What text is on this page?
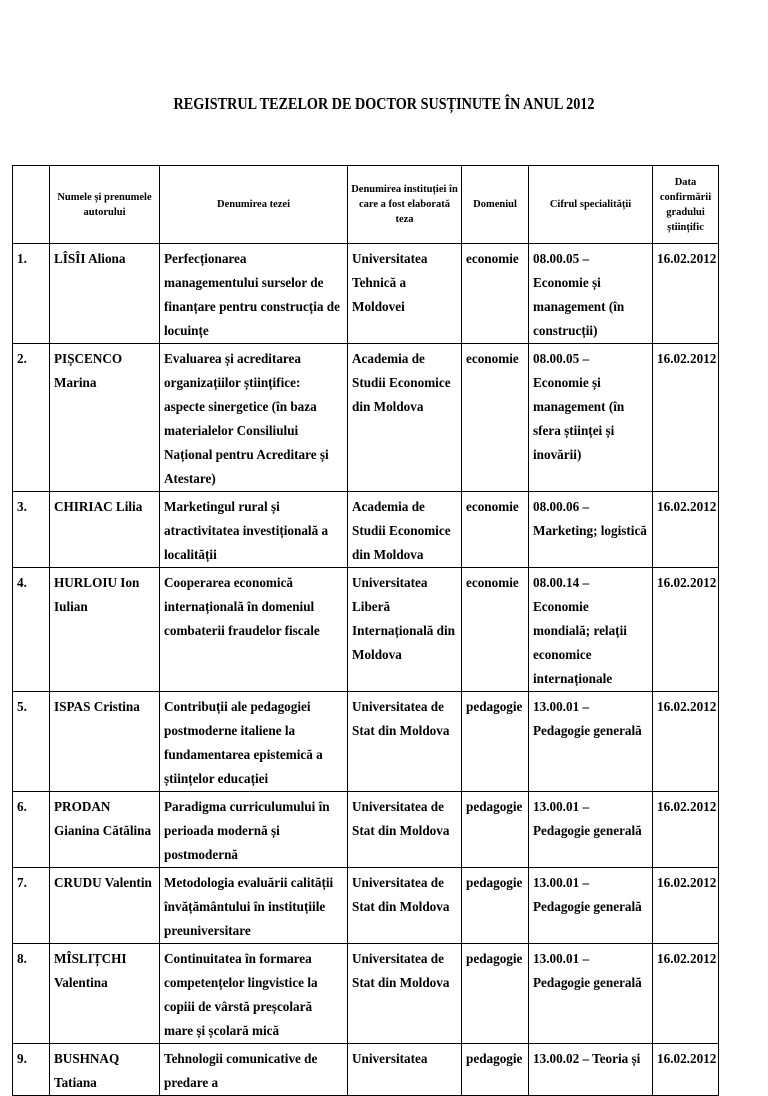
REGISTRUL TEZELOR DE DOCTOR SUSȚINUTE ÎN ANUL 2012
	Numele și prenumele autorului	Denumirea tezei	Denumirea instituției în care a fost elaborată teza	Domeniul	Cifrul specialității	Data confirmării gradului științific
1.	LÎSÎI Aliona	Perfecționarea managementului surselor de finanțare pentru construcția de locuințe	Universitatea Tehnică a Moldovei	economie	08.00.05 – Economie și management (în construcții)	16.02.2012
2.	PIȘCENCO Marina	Evaluarea și acreditarea organizațiilor științifice: aspecte sinergetice (în baza materialelor Consiliului Național pentru Acreditare și Atestare)	Academia de Studii Economice din Moldova	economie	08.00.05 – Economie și management (în sfera științei și inovării)	16.02.2012
3.	CHIRIAC Lilia	Marketingul rural și atractivitatea investițională a localității	Academia de Studii Economice din Moldova	economie	08.00.06 – Marketing; logistică	16.02.2012
4.	HURLOIU Ion Iulian	Cooperarea economică internațională în domeniul combaterii fraudelor fiscale	Universitatea Liberă Internațională din Moldova	economie	08.00.14 – Economie mondială; relații economice internaționale	16.02.2012
5.	ISPAS Cristina	Contribuții ale pedagogiei postmoderne italiene la fundamentarea epistemică a științelor educației	Universitatea de Stat din Moldova	pedagogie	13.00.01 – Pedagogie generală	16.02.2012
6.	PRODAN Gianina Cătălina	Paradigma curriculumului în perioada modernă și postmodernă	Universitatea de Stat din Moldova	pedagogie	13.00.01 – Pedagogie generală	16.02.2012
7.	CRUDU Valentin	Metodologia evaluării calității învățământului în instituțiile preuniversitare	Universitatea de Stat din Moldova	pedagogie	13.00.01 – Pedagogie generală	16.02.2012
8.	MÎSLIȚCHI Valentina	Continuitatea în formarea competențelor lingvistice la copiii de vârstă preșcolară mare și școlară mică	Universitatea de Stat din Moldova	pedagogie	13.00.01 – Pedagogie generală	16.02.2012
9.	BUSHNAQ Tatiana	Tehnologii comunicative de predare a	Universitatea	pedagogie	13.00.02 – Teoria și	16.02.2012
